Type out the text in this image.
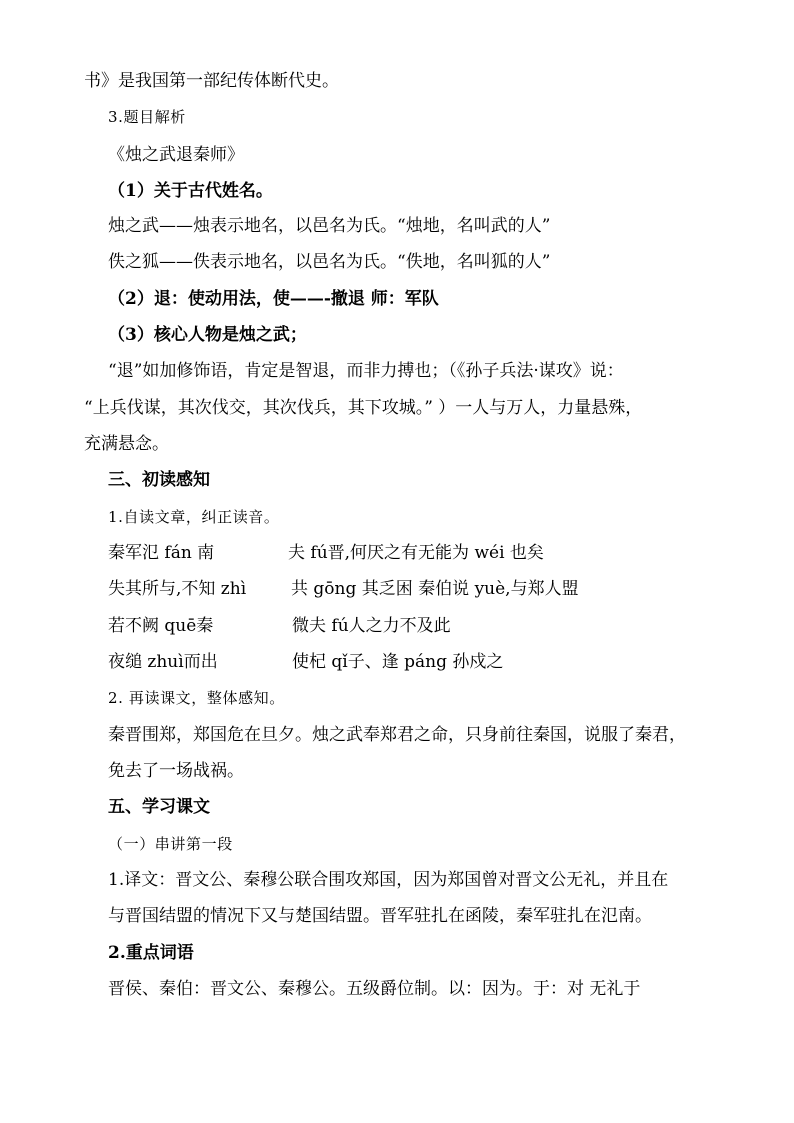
书》是我国第一部纪传体断代史。
3.题目解析
《烛之武退秦师》
（1）关于古代姓名。
烛之武——烛表示地名，以邑名为氏。“烛地，名叫武的人”
佚之狐——佚表示地名，以邑名为氏。“佚地，名叫狐的人”
（2）退：使动用法，使——-撤退 师：军队
（3）核心人物是烛之武；
“退”如加修饰语，肯定是智退，而非力搏也；（《孙子兵法·谋攻》说：
“上兵伐谋，其次伐交，其次伐兵，其下攻城。” ）一人与万人，力量悬殊，
充满悬念。
三、初读感知
1.自读文章，纠正读音。
秦军氾 fán 南	夫 fú晋,何厌之有无能为 wéi 也矣
失其所与,不知 zhì	共 gōng 其乏困 秦伯说 yuè,与郑人盟
若不阙 quē秦	微夫 fú人之力不及此
夜缒 zhuì而出	使杞 qǐ子、逢 páng 孙戍之
2. 再读课文，整体感知。
秦晋围郑，郑国危在旦夕。烛之武奉郑君之命，只身前往秦国，说服了秦君，
免去了一场战祸。
五、学习课文
（一）串讲第一段
1.译文：晋文公、秦穆公联合围攻郑国，因为郑国曾对晋文公无礼，并且在
与晋国结盟的情况下又与楚国结盟。晋军驻扎在函陵，秦军驻扎在氾南。
2.重点词语
晋侯、秦伯：晋文公、秦穆公。五级爵位制。以：因为。于：对 无礼于
